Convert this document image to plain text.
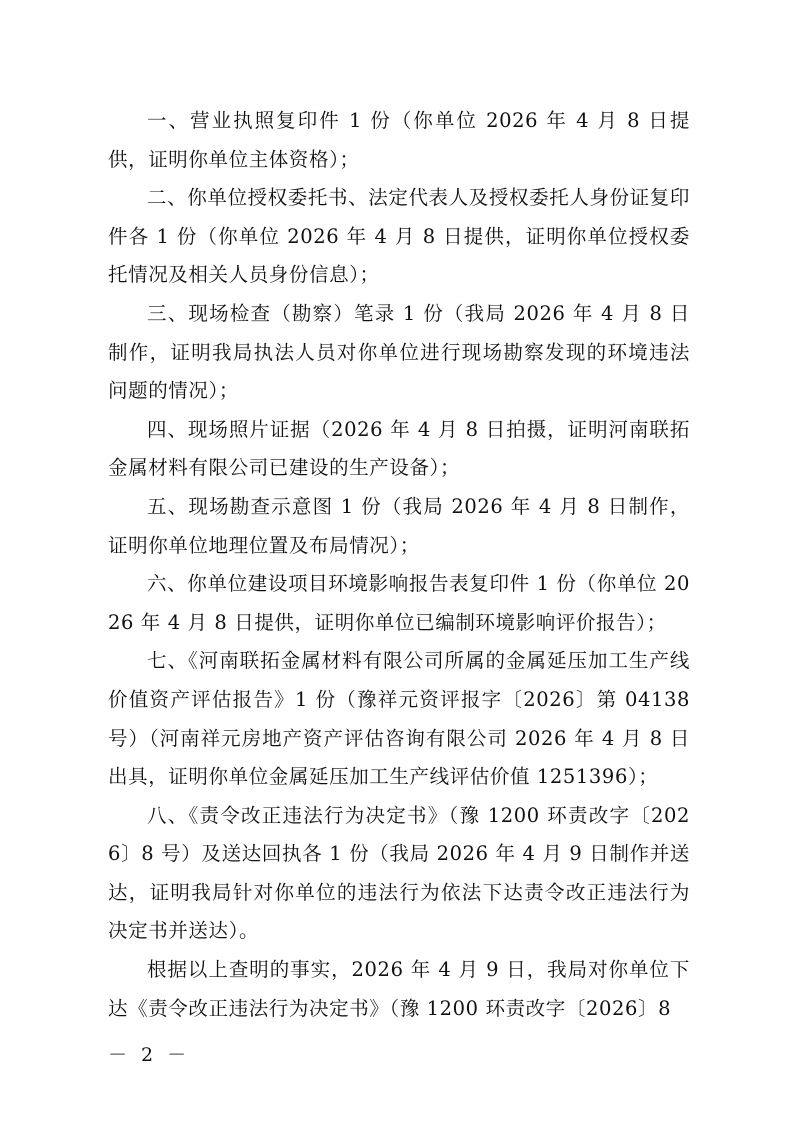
一、营业执照复印件 1 份（你单位 2026 年 4 月 8 日提供，证明你单位主体资格）；

二、你单位授权委托书、法定代表人及授权委托人身份证复印件各 1 份（你单位 2026 年 4 月 8 日提供，证明你单位授权委托情况及相关人员身份信息）；

三、现场检查（勘察）笔录 1 份（我局 2026 年 4 月 8 日制作，证明我局执法人员对你单位进行现场勘察发现的环境违法问题的情况）；

四、现场照片证据（2026 年 4 月 8 日拍摄，证明河南联拓金属材料有限公司已建设的生产设备）；

五、现场勘查示意图 1 份（我局 2026 年 4 月 8 日制作，证明你单位地理位置及布局情况）；

六、你单位建设项目环境影响报告表复印件 1 份（你单位 2026 年 4 月 8 日提供，证明你单位已编制环境影响评价报告）；

七、《河南联拓金属材料有限公司所属的金属延压加工生产线价值资产评估报告》1 份（豫祥元资评报字〔2026〕第 04138 号）（河南祥元房地产资产评估咨询有限公司 2026 年 4 月 8 日出具，证明你单位金属延压加工生产线评估价值 1251396）；

八、《责令改正违法行为决定书》（豫 1200 环责改字〔2026〕8 号）及送达回执各 1 份（我局 2026 年 4 月 9 日制作并送达，证明我局针对你单位的违法行为依法下达责令改正违法行为决定书并送达）。

根据以上查明的事实，2026 年 4 月 9 日，我局对你单位下达《责令改正违法行为决定书》（豫 1200 环责改字〔2026〕8

－ 2 －
